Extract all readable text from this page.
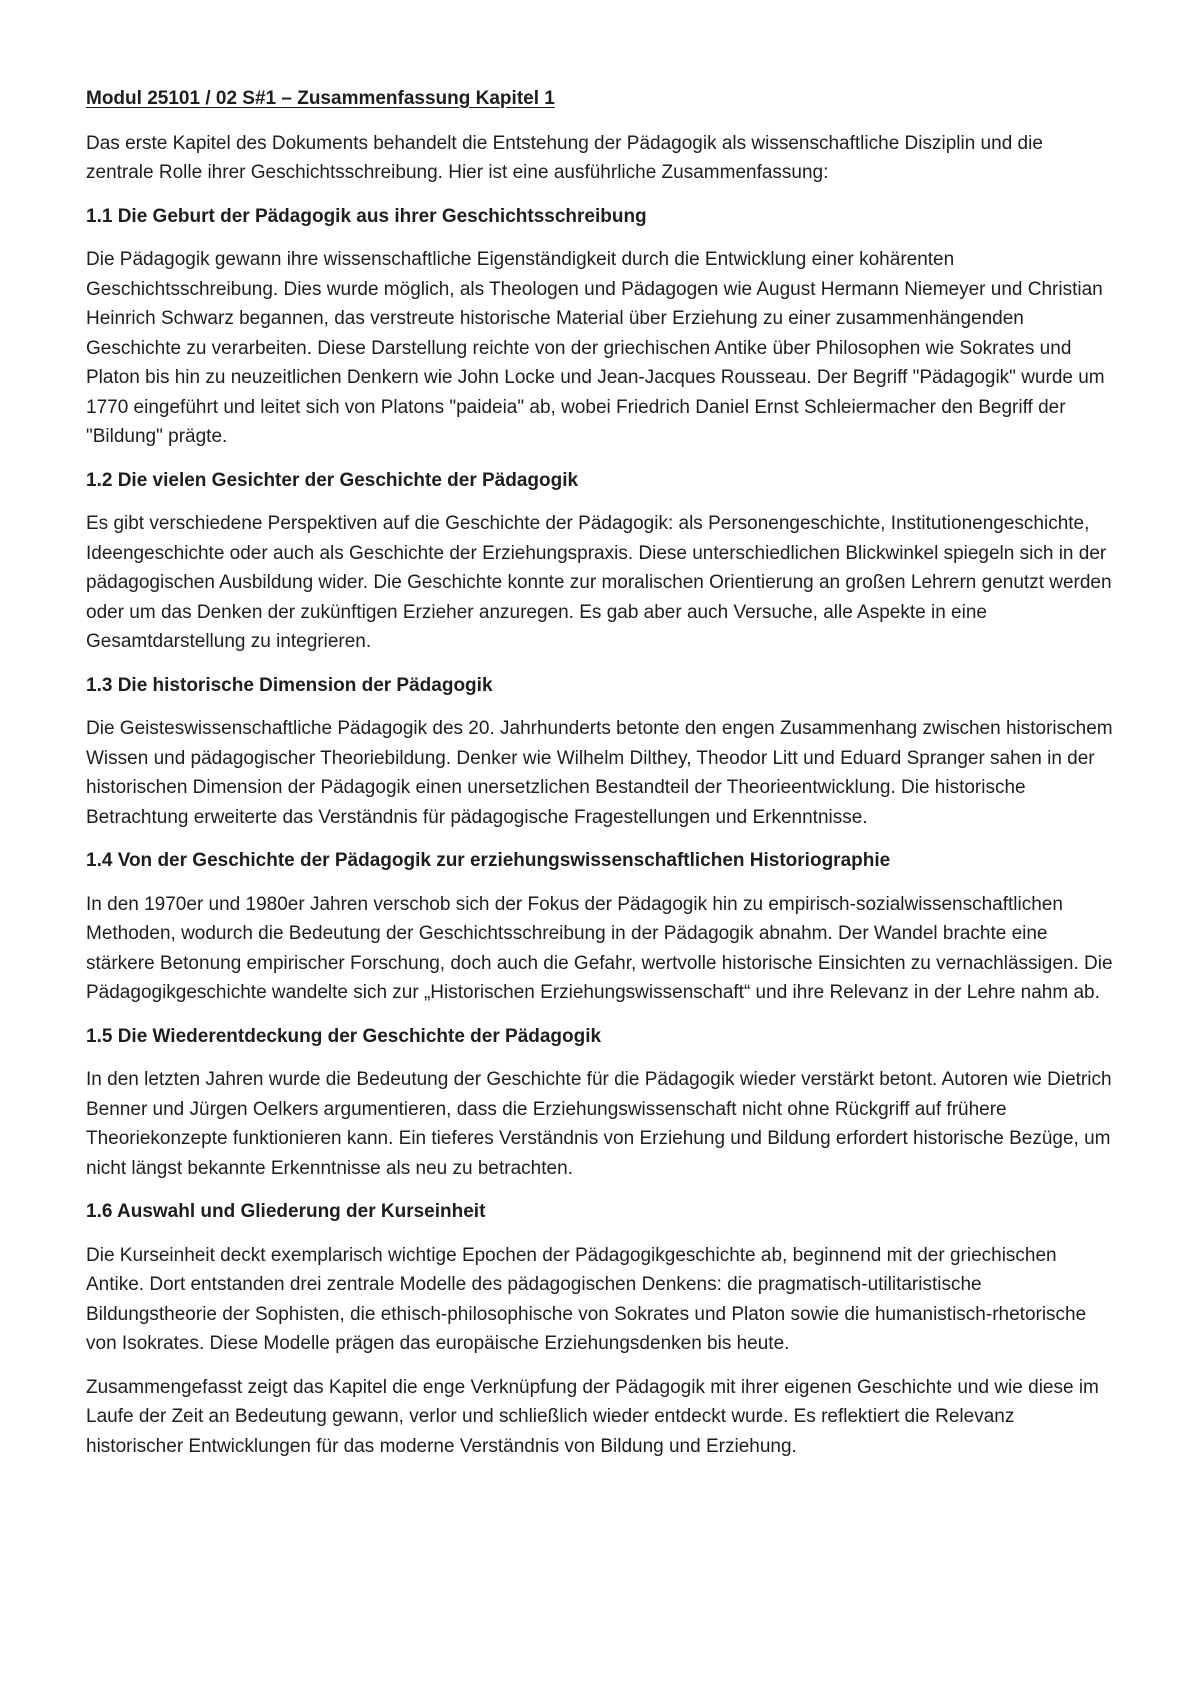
Modul 25101 / 02 S#1 – Zusammenfassung Kapitel 1

Das erste Kapitel des Dokuments behandelt die Entstehung der Pädagogik als wissenschaftliche Disziplin und die zentrale Rolle ihrer Geschichtsschreibung. Hier ist eine ausführliche Zusammenfassung:

1.1 Die Geburt der Pädagogik aus ihrer Geschichtsschreibung

Die Pädagogik gewann ihre wissenschaftliche Eigenständigkeit durch die Entwicklung einer kohärenten Geschichtsschreibung. Dies wurde möglich, als Theologen und Pädagogen wie August Hermann Niemeyer und Christian Heinrich Schwarz begannen, das verstreute historische Material über Erziehung zu einer zusammenhängenden Geschichte zu verarbeiten. Diese Darstellung reichte von der griechischen Antike über Philosophen wie Sokrates und Platon bis hin zu neuzeitlichen Denkern wie John Locke und Jean-Jacques Rousseau. Der Begriff "Pädagogik" wurde um 1770 eingeführt und leitet sich von Platons "paideia" ab, wobei Friedrich Daniel Ernst Schleiermacher den Begriff der "Bildung" prägte.

1.2 Die vielen Gesichter der Geschichte der Pädagogik

Es gibt verschiedene Perspektiven auf die Geschichte der Pädagogik: als Personengeschichte, Institutionengeschichte, Ideengeschichte oder auch als Geschichte der Erziehungspraxis. Diese unterschiedlichen Blickwinkel spiegeln sich in der pädagogischen Ausbildung wider. Die Geschichte konnte zur moralischen Orientierung an großen Lehrern genutzt werden oder um das Denken der zukünftigen Erzieher anzuregen. Es gab aber auch Versuche, alle Aspekte in eine Gesamtdarstellung zu integrieren.

1.3 Die historische Dimension der Pädagogik

Die Geisteswissenschaftliche Pädagogik des 20. Jahrhunderts betonte den engen Zusammenhang zwischen historischem Wissen und pädagogischer Theoriebildung. Denker wie Wilhelm Dilthey, Theodor Litt und Eduard Spranger sahen in der historischen Dimension der Pädagogik einen unersetzlichen Bestandteil der Theorieentwicklung. Die historische Betrachtung erweiterte das Verständnis für pädagogische Fragestellungen und Erkenntnisse.

1.4 Von der Geschichte der Pädagogik zur erziehungswissenschaftlichen Historiographie

In den 1970er und 1980er Jahren verschob sich der Fokus der Pädagogik hin zu empirisch-sozialwissenschaftlichen Methoden, wodurch die Bedeutung der Geschichtsschreibung in der Pädagogik abnahm. Der Wandel brachte eine stärkere Betonung empirischer Forschung, doch auch die Gefahr, wertvolle historische Einsichten zu vernachlässigen. Die Pädagogikgeschichte wandelte sich zur „Historischen Erziehungswissenschaft“ und ihre Relevanz in der Lehre nahm ab.

1.5 Die Wiederentdeckung der Geschichte der Pädagogik

In den letzten Jahren wurde die Bedeutung der Geschichte für die Pädagogik wieder verstärkt betont. Autoren wie Dietrich Benner und Jürgen Oelkers argumentieren, dass die Erziehungswissenschaft nicht ohne Rückgriff auf frühere Theoriekonzepte funktionieren kann. Ein tieferes Verständnis von Erziehung und Bildung erfordert historische Bezüge, um nicht längst bekannte Erkenntnisse als neu zu betrachten.

1.6 Auswahl und Gliederung der Kurseinheit

Die Kurseinheit deckt exemplarisch wichtige Epochen der Pädagogikgeschichte ab, beginnend mit der griechischen Antike. Dort entstanden drei zentrale Modelle des pädagogischen Denkens: die pragmatisch-utilitaristische Bildungstheorie der Sophisten, die ethisch-philosophische von Sokrates und Platon sowie die humanistisch-rhetorische von Isokrates. Diese Modelle prägen das europäische Erziehungsdenken bis heute.

Zusammengefasst zeigt das Kapitel die enge Verknüpfung der Pädagogik mit ihrer eigenen Geschichte und wie diese im Laufe der Zeit an Bedeutung gewann, verlor und schließlich wieder entdeckt wurde. Es reflektiert die Relevanz historischer Entwicklungen für das moderne Verständnis von Bildung und Erziehung.
